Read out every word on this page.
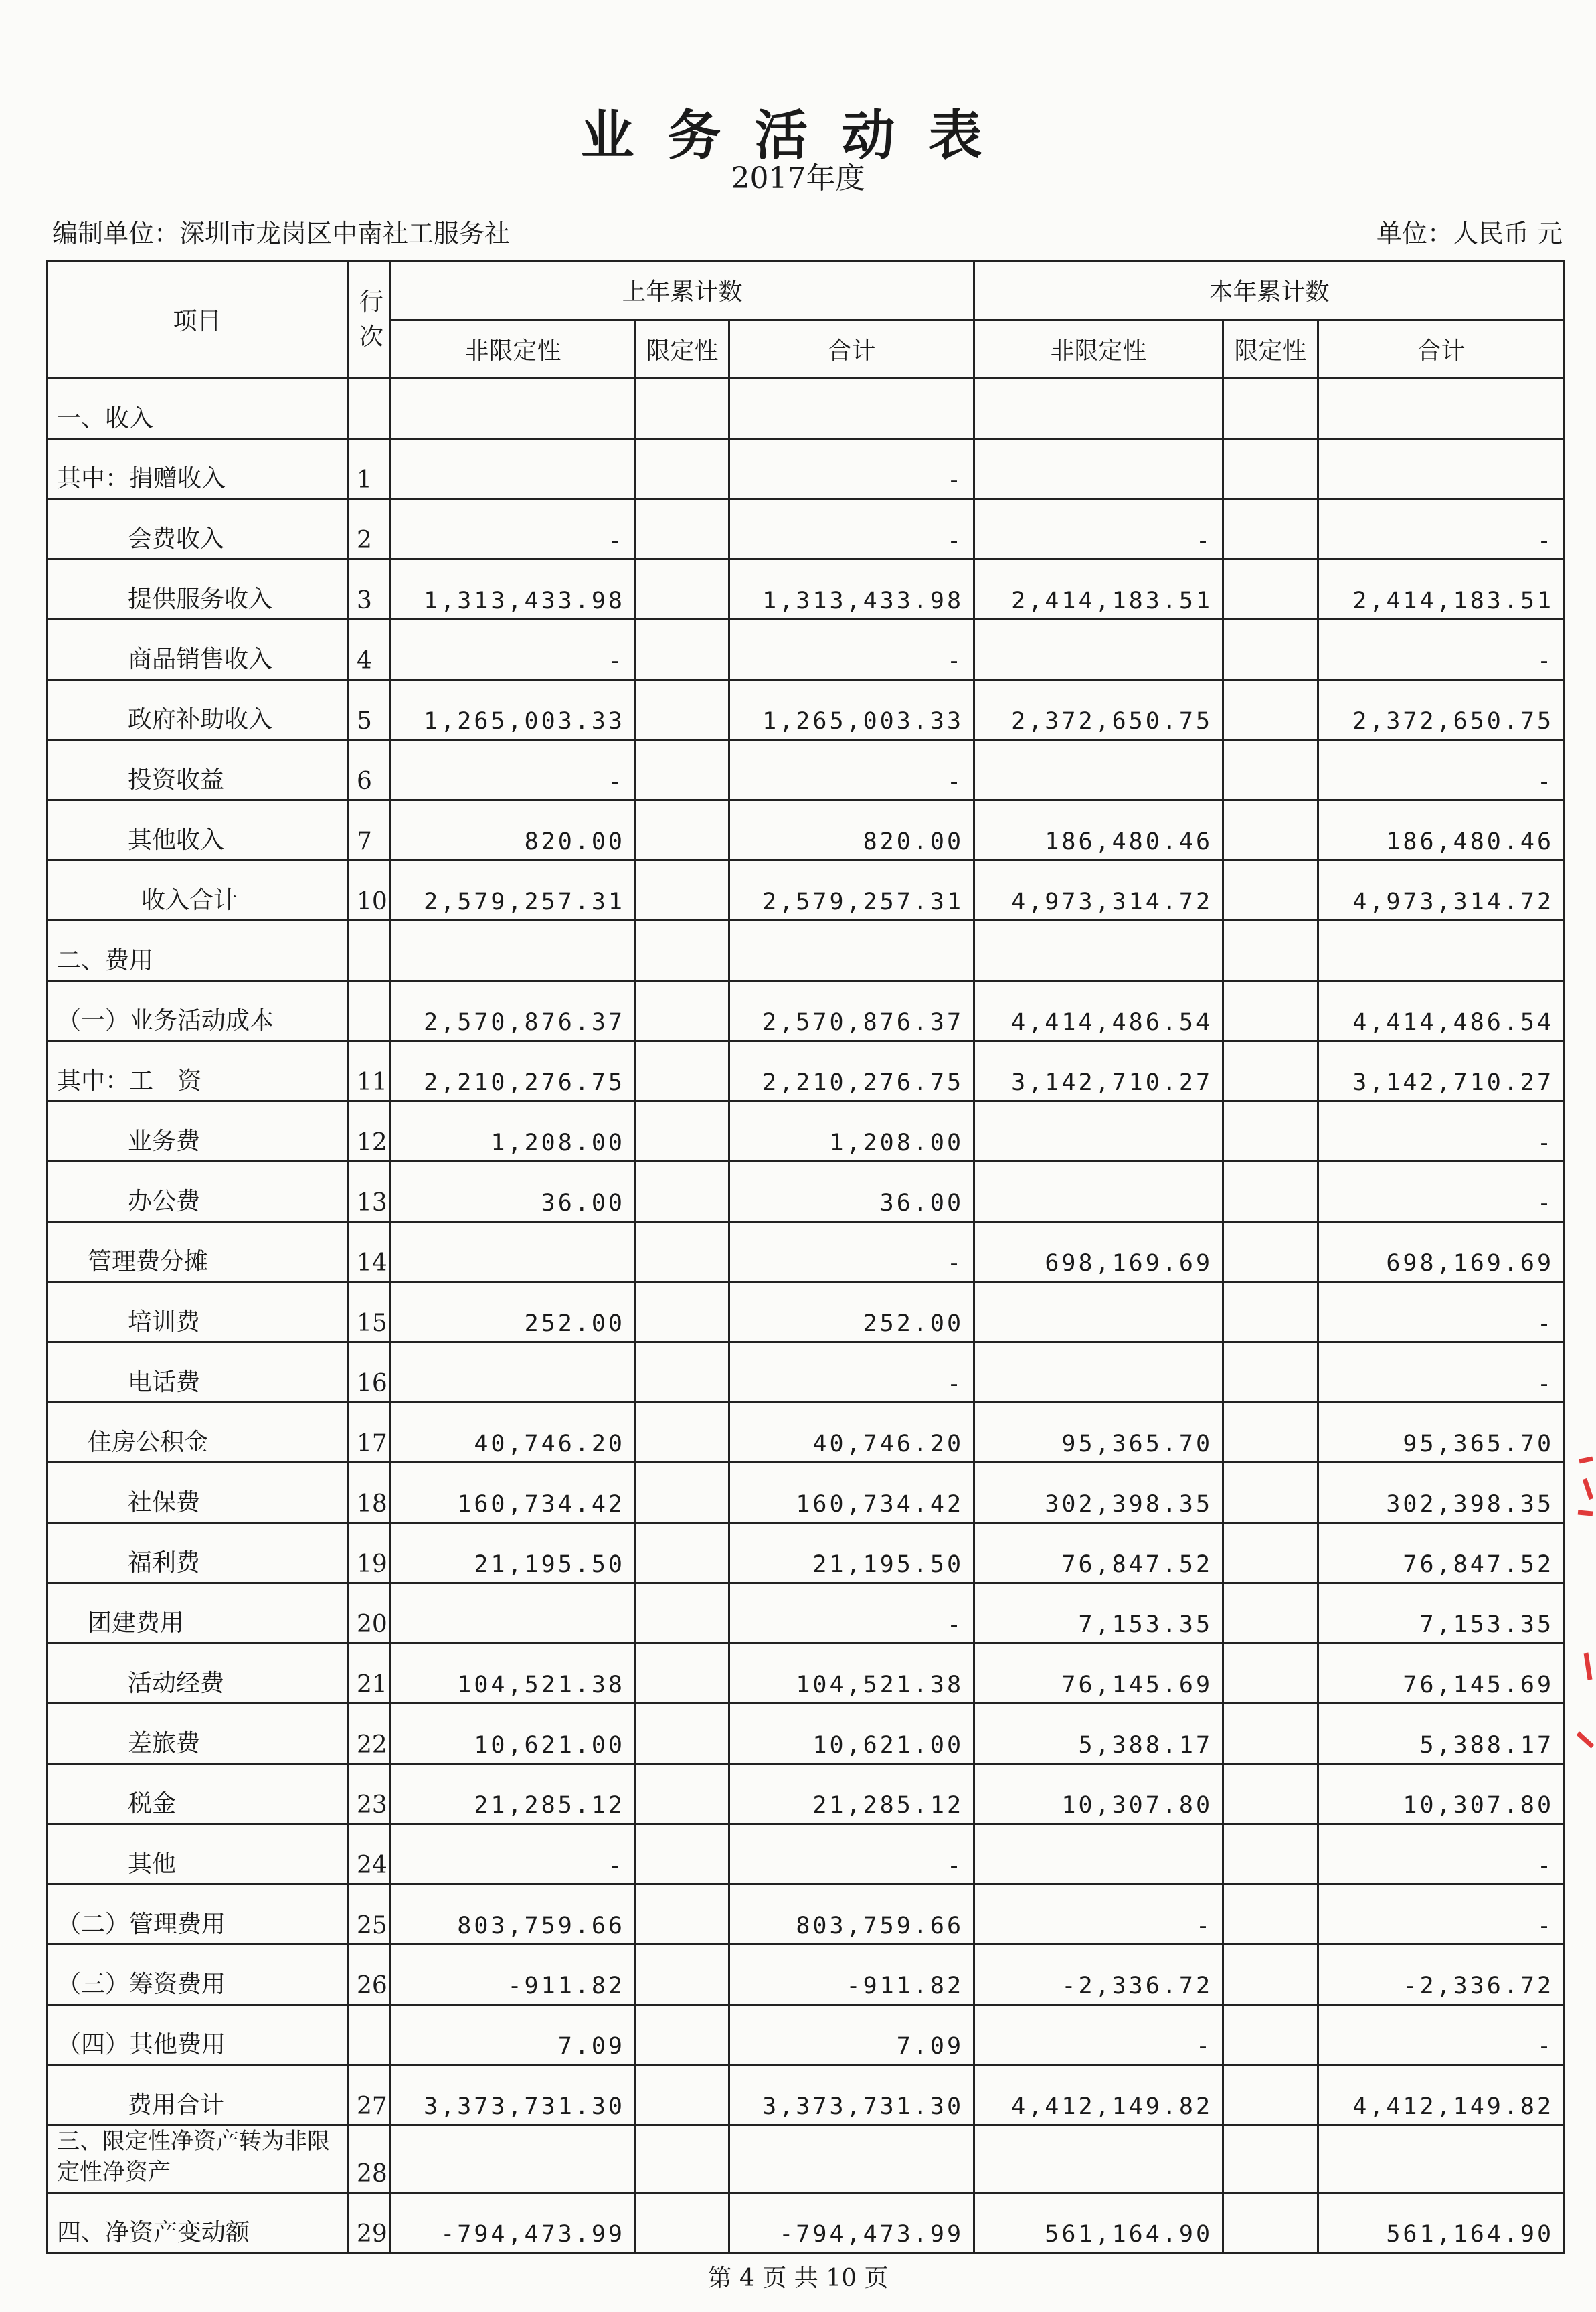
业务活动表
2017年度
编制单位：深圳市龙岗区中南社工服务社	单位：人民币 元
项目	行次	上年累计数			本年累计数		
		非限定性	限定性	合计	非限定性	限定性	合计
一、收入							
其中：捐赠收入	1			-			
会费收入	2	-		-	-		-
提供服务收入	3	1,313,433.98		1,313,433.98	2,414,183.51		2,414,183.51
商品销售收入	4	-		-			-
政府补助收入	5	1,265,003.33		1,265,003.33	2,372,650.75		2,372,650.75
投资收益	6	-		-			-
其他收入	7	820.00		820.00	186,480.46		186,480.46
收入合计	10	2,579,257.31		2,579,257.31	4,973,314.72		4,973,314.72
二、费用							
（一）业务活动成本		2,570,876.37		2,570,876.37	4,414,486.54		4,414,486.54
其中：工　资	11	2,210,276.75		2,210,276.75	3,142,710.27		3,142,710.27
业务费	12	1,208.00		1,208.00			-
办公费	13	36.00		36.00			-
管理费分摊	14			-	698,169.69		698,169.69
培训费	15	252.00		252.00			-
电话费	16			-			-
住房公积金	17	40,746.20		40,746.20	95,365.70		95,365.70
社保费	18	160,734.42		160,734.42	302,398.35		302,398.35
福利费	19	21,195.50		21,195.50	76,847.52		76,847.52
团建费用	20			-	7,153.35		7,153.35
活动经费	21	104,521.38		104,521.38	76,145.69		76,145.69
差旅费	22	10,621.00		10,621.00	5,388.17		5,388.17
税金	23	21,285.12		21,285.12	10,307.80		10,307.80
其他	24	-		-			-
（二）管理费用	25	803,759.66		803,759.66	-		-
（三）筹资费用	26	-911.82		-911.82	-2,336.72		-2,336.72
（四）其他费用		7.09		7.09	-		-
费用合计	27	3,373,731.30		3,373,731.30	4,412,149.82		4,412,149.82
三、限定性净资产转为非限定性净资产	28						
四、净资产变动额	29	-794,473.99		-794,473.99	561,164.90		561,164.90
第 4 页 共 10 页
